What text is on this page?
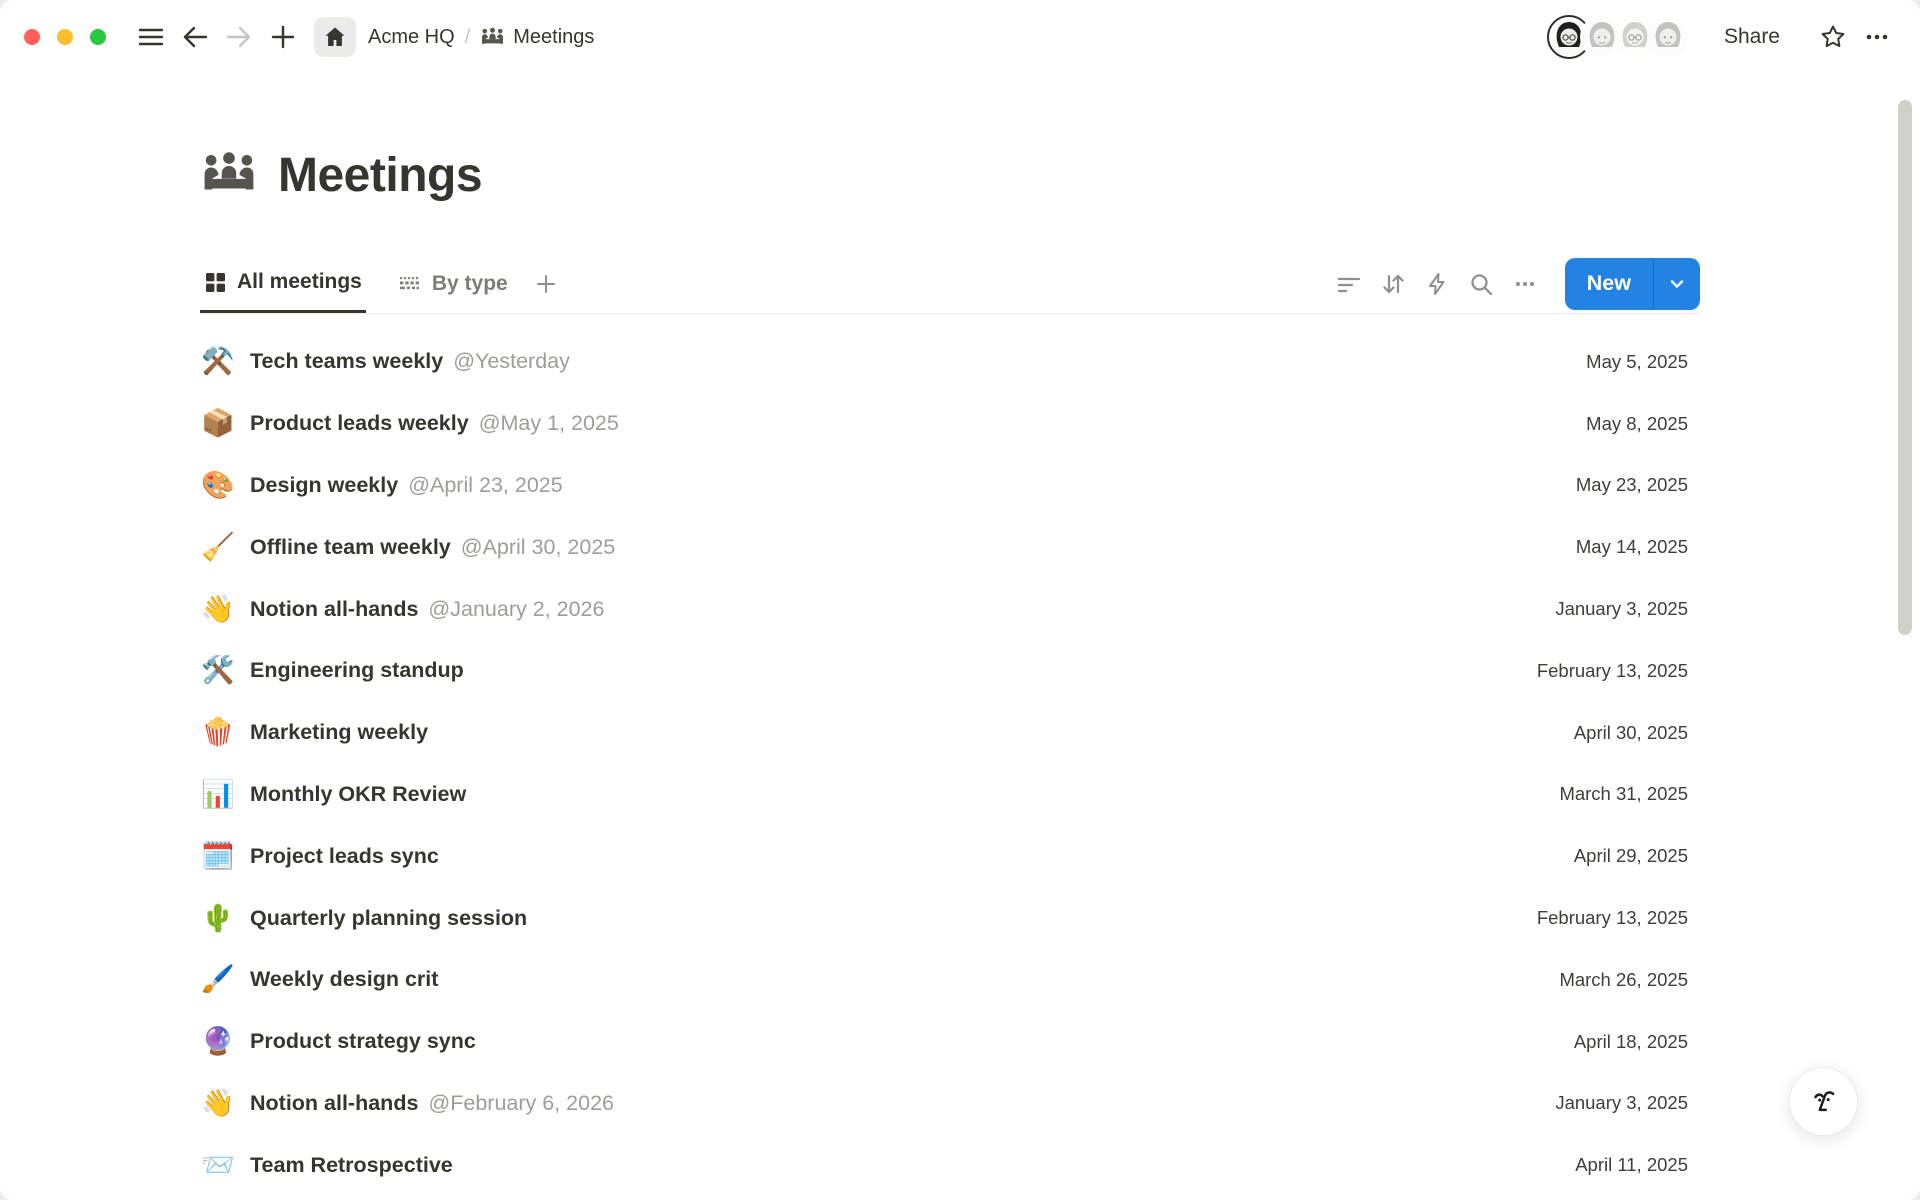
Acme HQ / Meetings	Share
Meetings
All meetings	By type	New
⚒️ Tech teams weekly @Yesterday	May 5, 2025
📦 Product leads weekly @May 1, 2025	May 8, 2025
🎨 Design weekly @April 23, 2025	May 23, 2025
🧹 Offline team weekly @April 30, 2025	May 14, 2025
👋 Notion all-hands @January 2, 2026	January 3, 2025
🛠️ Engineering standup	February 13, 2025
🍿 Marketing weekly	April 30, 2025
📊 Monthly OKR Review	March 31, 2025
🗓️ Project leads sync	April 29, 2025
🌵 Quarterly planning session	February 13, 2025
🖌️ Weekly design crit	March 26, 2025
🔮 Product strategy sync	April 18, 2025
👋 Notion all-hands @February 6, 2026	January 3, 2025
📨 Team Retrospective	April 11, 2025
